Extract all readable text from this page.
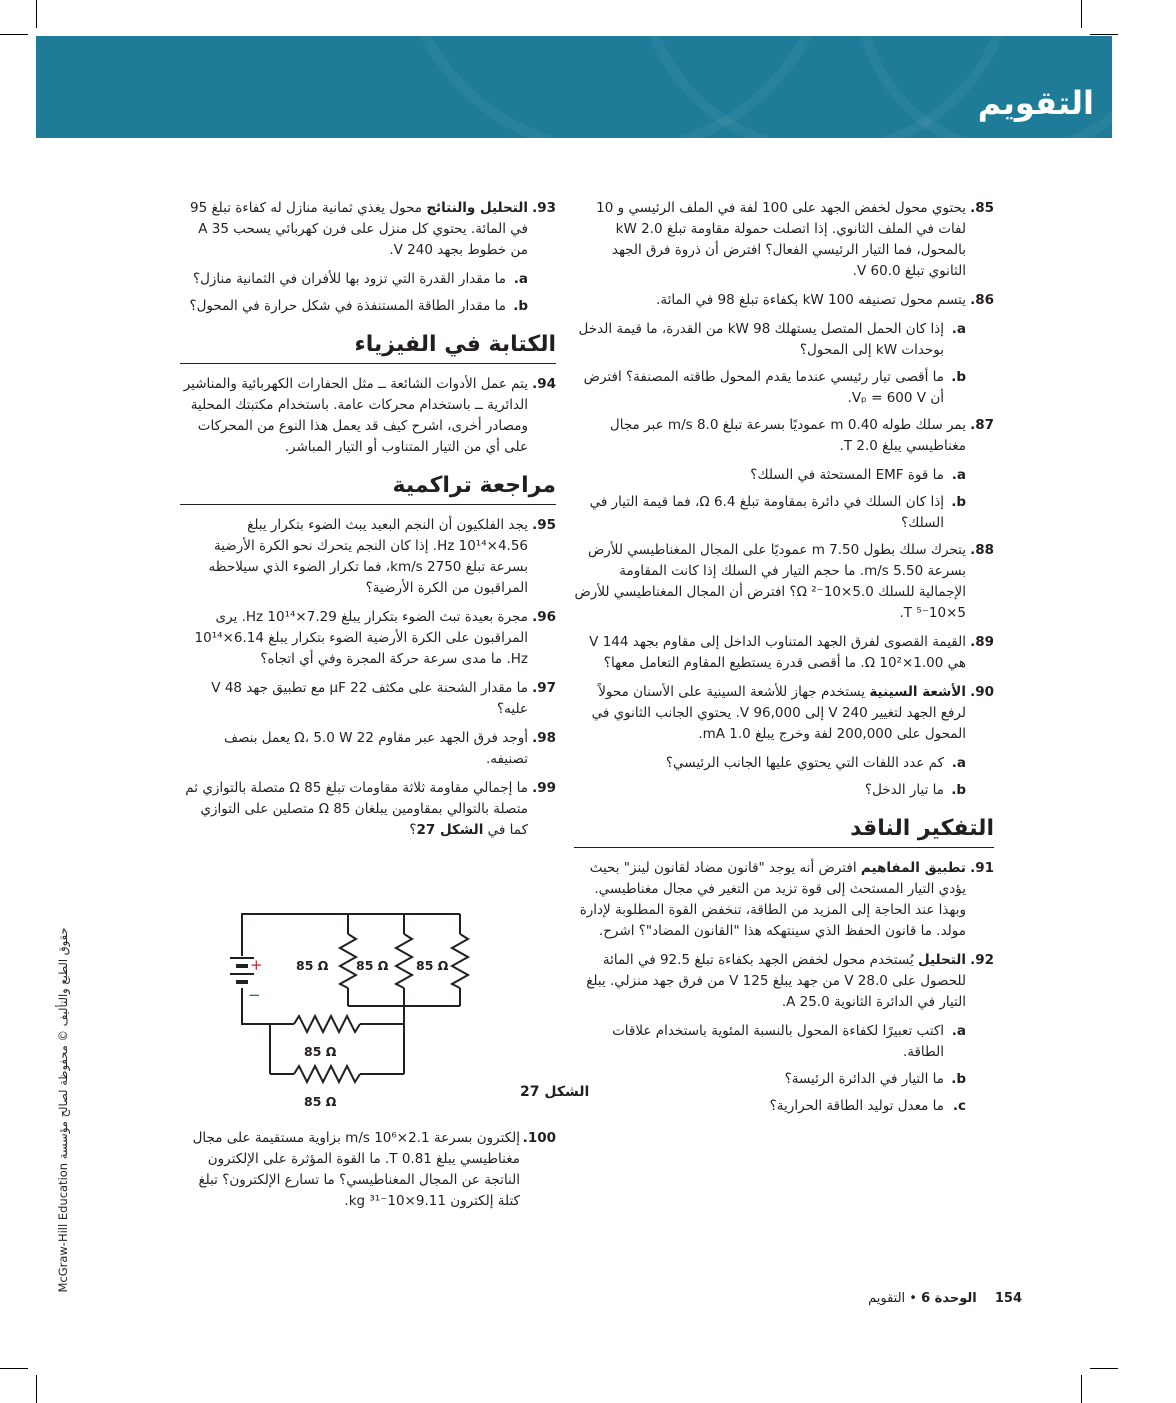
التقويم
85.
يحتوي محول لخفض الجهد على 100 لفة في الملف الرئيسي و 10 لفات في الملف الثانوي. إذا اتصلت حمولة مقاومة تبلغ 2.0 kW بالمحول، فما التيار الرئيسي الفعال؟ افترض أن ذروة فرق الجهد الثانوي تبلغ 60.0 V.
86.
يتسم محول تصنيفه 100 kW بكفاءة تبلغ 98 في المائة.
a.
إذا كان الحمل المتصل يستهلك 98 kW من القدرة، ما قيمة الدخل بوحدات kW إلى المحول؟
b.
ما أقصى تيار رئيسي عندما يقدم المحول طاقته المصنفة؟ افترض أن Vₚ = 600 V.
87.
يمر سلك طوله 0.40 m عموديًا بسرعة تبلغ 8.0 m/s عبر مجال مغناطيسي يبلغ 2.0 T.
a.
ما قوة EMF المستحثة في السلك؟
b.
إذا كان السلك في دائرة بمقاومة تبلغ 6.4 Ω، فما قيمة التيار في السلك؟
88.
يتحرك سلك بطول 7.50 m عموديًا على المجال المغناطيسي للأرض بسرعة 5.50 m/s. ما حجم التيار في السلك إذا كانت المقاومة الإجمالية للسلك 5.0×10⁻² Ω؟ افترض أن المجال المغناطيسي للأرض 5×10⁻⁵ T.
89.
القيمة القصوى لفرق الجهد المتناوب الداخل إلى مقاوم بجهد 144 V هي 1.00×10² Ω. ما أقصى قدرة يستطيع المقاوم التعامل معها؟
90.
الأشعة السينية يستخدم جهاز للأشعة السينية على الأسنان محولاً لرفع الجهد لتغيير 240 V إلى 96,000 V. يحتوي الجانب الثانوي في المحول على 200,000 لفة وخرج يبلغ 1.0 mA.
a.
كم عدد اللفات التي يحتوي عليها الجانب الرئيسي؟
b.
ما تيار الدخل؟
التفكير الناقد
91.
تطبيق المفاهيم افترض أنه يوجد "قانون مضاد لقانون لينز" بحيث يؤدي التيار المستحث إلى قوة تزيد من التغير في مجال مغناطيسي. وبهذا عند الحاجة إلى المزيد من الطاقة، تنخفض القوة المطلوبة لإدارة مولد. ما قانون الحفظ الذي سينتهكه هذا "القانون المضاد"؟ اشرح.
92.
التحليل يُستخدم محول لخفض الجهد بكفاءة تبلغ 92.5 في المائة للحصول على 28.0 V من جهد يبلغ 125 V من فرق جهد منزلي. يبلغ التيار في الدائرة الثانوية 25.0 A.
a.
اكتب تعبيرًا لكفاءة المحول بالنسبة المئوية باستخدام علاقات الطاقة.
b.
ما التيار في الدائرة الرئيسة؟
c.
ما معدل توليد الطاقة الحرارية؟
93.
التحليل والنتائج محول يغذي ثمانية منازل له كفاءة تبلغ 95 في المائة. يحتوي كل منزل على فرن كهربائي يسحب 35 A من خطوط بجهد 240 V.
a.
ما مقدار القدرة التي تزود بها للأفران في الثمانية منازل؟
b.
ما مقدار الطاقة المستنفذة في شكل حرارة في المحول؟
الكتابة في الفيزياء
94.
يتم عمل الأدوات الشائعة ــ مثل الحفارات الكهربائية والمناشير الدائرية ــ باستخدام محركات عامة. باستخدام مكتبتك المحلية ومصادر أخرى، اشرح كيف قد يعمل هذا النوع من المحركات على أي من التيار المتناوب أو التيار المباشر.
مراجعة تراكمية
95.
يجد الفلكيون أن النجم البعيد يبث الضوء بتكرار يبلغ 4.56×10¹⁴ Hz. إذا كان النجم يتحرك نحو الكرة الأرضية بسرعة تبلغ 2750 km/s، فما تكرار الضوء الذي سيلاحظه المراقبون من الكرة الأرضية؟
96.
مجرة بعيدة تبث الضوء بتكرار يبلغ 7.29×10¹⁴ Hz. يرى المراقبون على الكرة الأرضية الضوء بتكرار يبلغ 6.14×10¹⁴ Hz. ما مدى سرعة حركة المجرة وفي أي اتجاه؟
97.
ما مقدار الشحنة على مكثف 22 μF مع تطبيق جهد 48 V عليه؟
98.
أوجد فرق الجهد عبر مقاوم 22 Ω، 5.0 W يعمل بنصف تصنيفه.
99.
ما إجمالي مقاومة ثلاثة مقاومات تبلغ 85 Ω متصلة بالتوازي ثم متصلة بالتوالي بمقاومين يبلغان 85 Ω متصلين على التوازي كما في الشكل 27؟
+
−
85 Ω 85 Ω 85 Ω
85 Ω
85 Ω
الشكل 27
100.
إلكترون بسرعة 2.1×10⁶ m/s بزاوية مستقيمة على مجال مغناطيسي يبلغ 0.81 T. ما القوة المؤثرة على الإلكترون الناتجة عن المجال المغناطيسي؟ ما تسارع الإلكترون؟ تبلغ كتلة إلكترون 9.11×10⁻³¹ kg.
McGraw-Hill Education حقوق الطبع والتأليف © محفوظة لصالح مؤسسة
154 الوحدة 6 • التقويم
